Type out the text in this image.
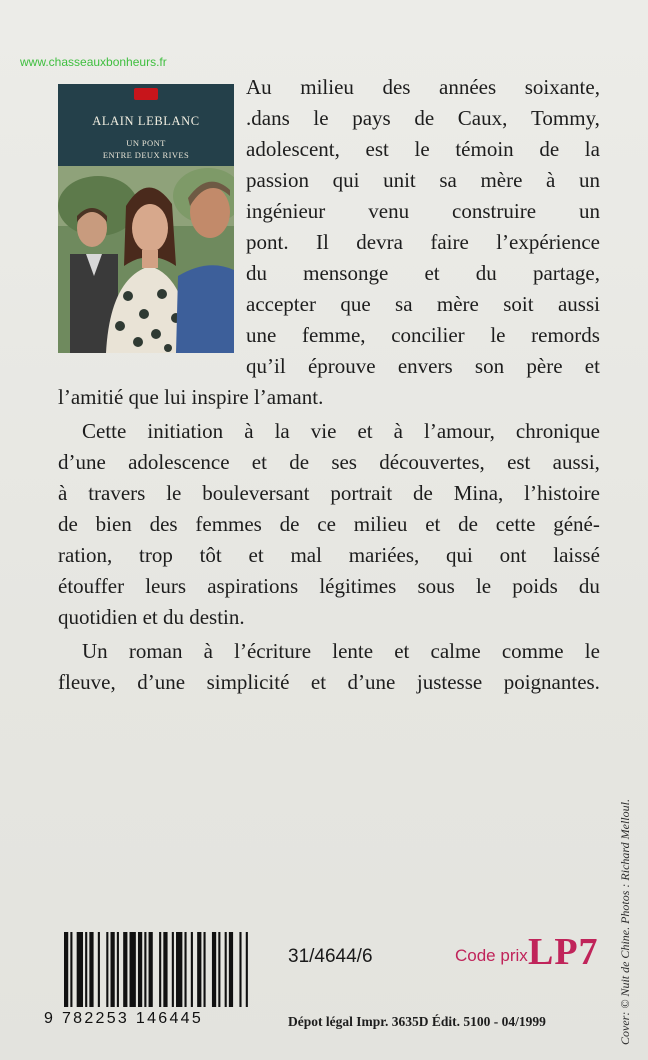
www.chasseauxbonheurs.fr
ALAIN LEBLANC
UN PONT
ENTRE DEUX RIVES
Au milieu des années soixante,
.dans le pays de Caux, Tommy,
adolescent, est le témoin de la
passion qui unit sa mère à un
ingénieur venu construire un
pont. Il devra faire l’expérience
du mensonge et du partage,
accepter que sa mère soit aussi
une femme, concilier le remords
qu’il éprouve envers son père et
l’amitié que lui inspire l’amant.
Cette initiation à la vie et à l’amour, chronique
d’une adolescence et de ses découvertes, est aussi,
à travers le bouleversant portrait de Mina, l’histoire
de bien des femmes de ce milieu et de cette géné-
ration, trop tôt et mal mariées, qui ont laissé
étouffer leurs aspirations légitimes sous le poids du
quotidien et du destin.
Un roman à l’écriture lente et calme comme le
fleuve, d’une simplicité et d’une justesse poignantes.
9 782253 146445
31/4644/6	Code prix LP7
Dépot légal Impr. 3635D Édit. 5100 - 04/1999	Cover: © Nuit de Chine. Photos : Richard Melloul.
